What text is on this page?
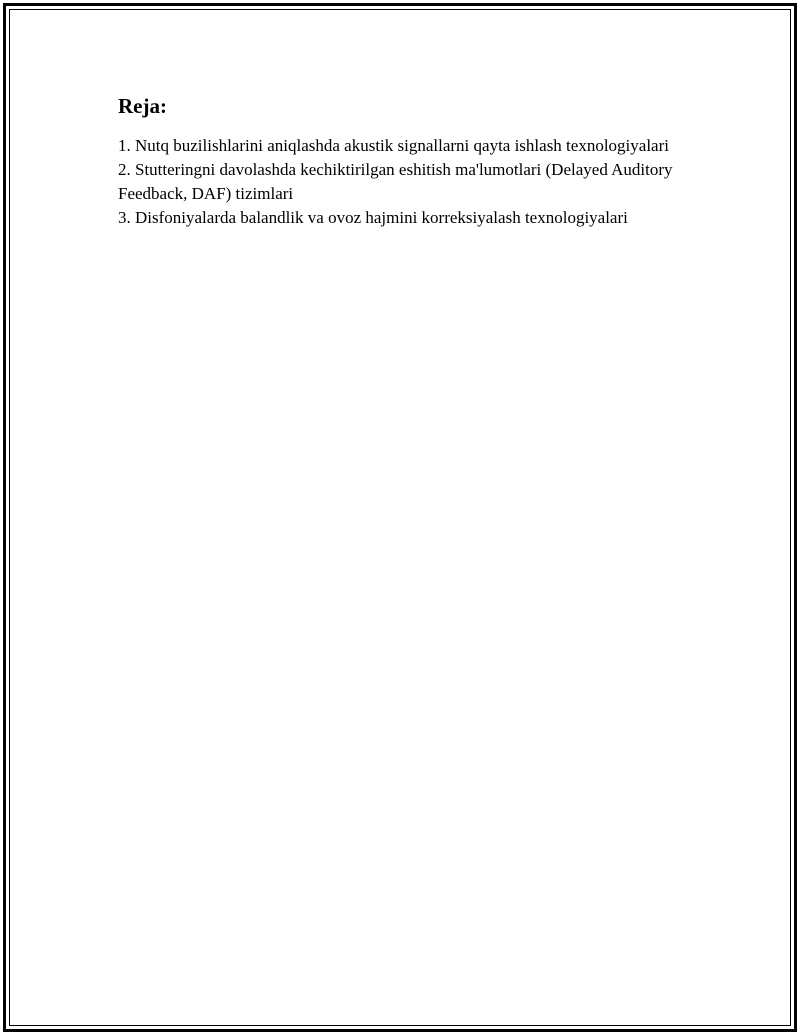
Reja:
1. Nutq buzilishlarini aniqlashda akustik signallarni qayta ishlash texnologiyalari
2. Stutteringni davolashda kechiktirilgan eshitish ma'lumotlari (Delayed Auditory Feedback, DAF) tizimlari
3. Disfoniyalarda balandlik va ovoz hajmini korreksiyalash texnologiyalari
